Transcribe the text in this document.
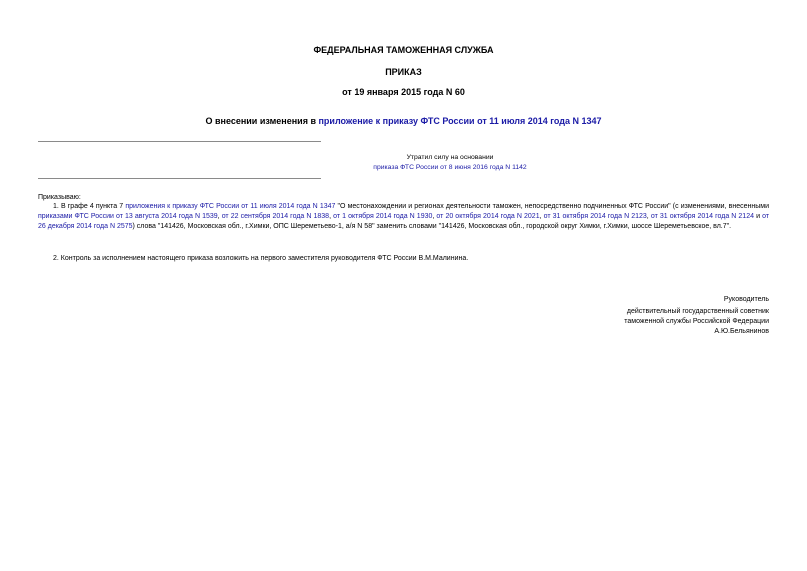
ФЕДЕРАЛЬНАЯ ТАМОЖЕННАЯ СЛУЖБА
ПРИКАЗ
от 19 января 2015 года N 60
О внесении изменения в приложение к приказу ФТС России от 11 июля 2014 года N 1347
Утратил силу на основании
приказа ФТС России от 8 июня 2016 года N 1142
Приказываю:
1. В графе 4 пункта 7 приложения к приказу ФТС России от 11 июля 2014 года N 1347 "О местонахождении и регионах деятельности таможен, непосредственно подчиненных ФТС России" (с изменениями, внесенными приказами ФТС России от 13 августа 2014 года N 1539, от 22 сентября 2014 года N 1838, от 1 октября 2014 года N 1930, от 20 октября 2014 года N 2021, от 31 октября 2014 года N 2123, от 31 октября 2014 года N 2124 и от 26 декабря 2014 года N 2575) слова "141426, Московская обл., г.Химки, ОПС Шереметьево-1, а/я N 58" заменить словами "141426, Московская обл., городской округ Химки, г.Химки, шоссе Шереметьевское, вл.7".
2. Контроль за исполнением настоящего приказа возложить на первого заместителя руководителя ФТС России В.М.Малинина.
Руководитель
действительный государственный советник
таможенной службы Российской Федерации
А.Ю.Бельянинов
